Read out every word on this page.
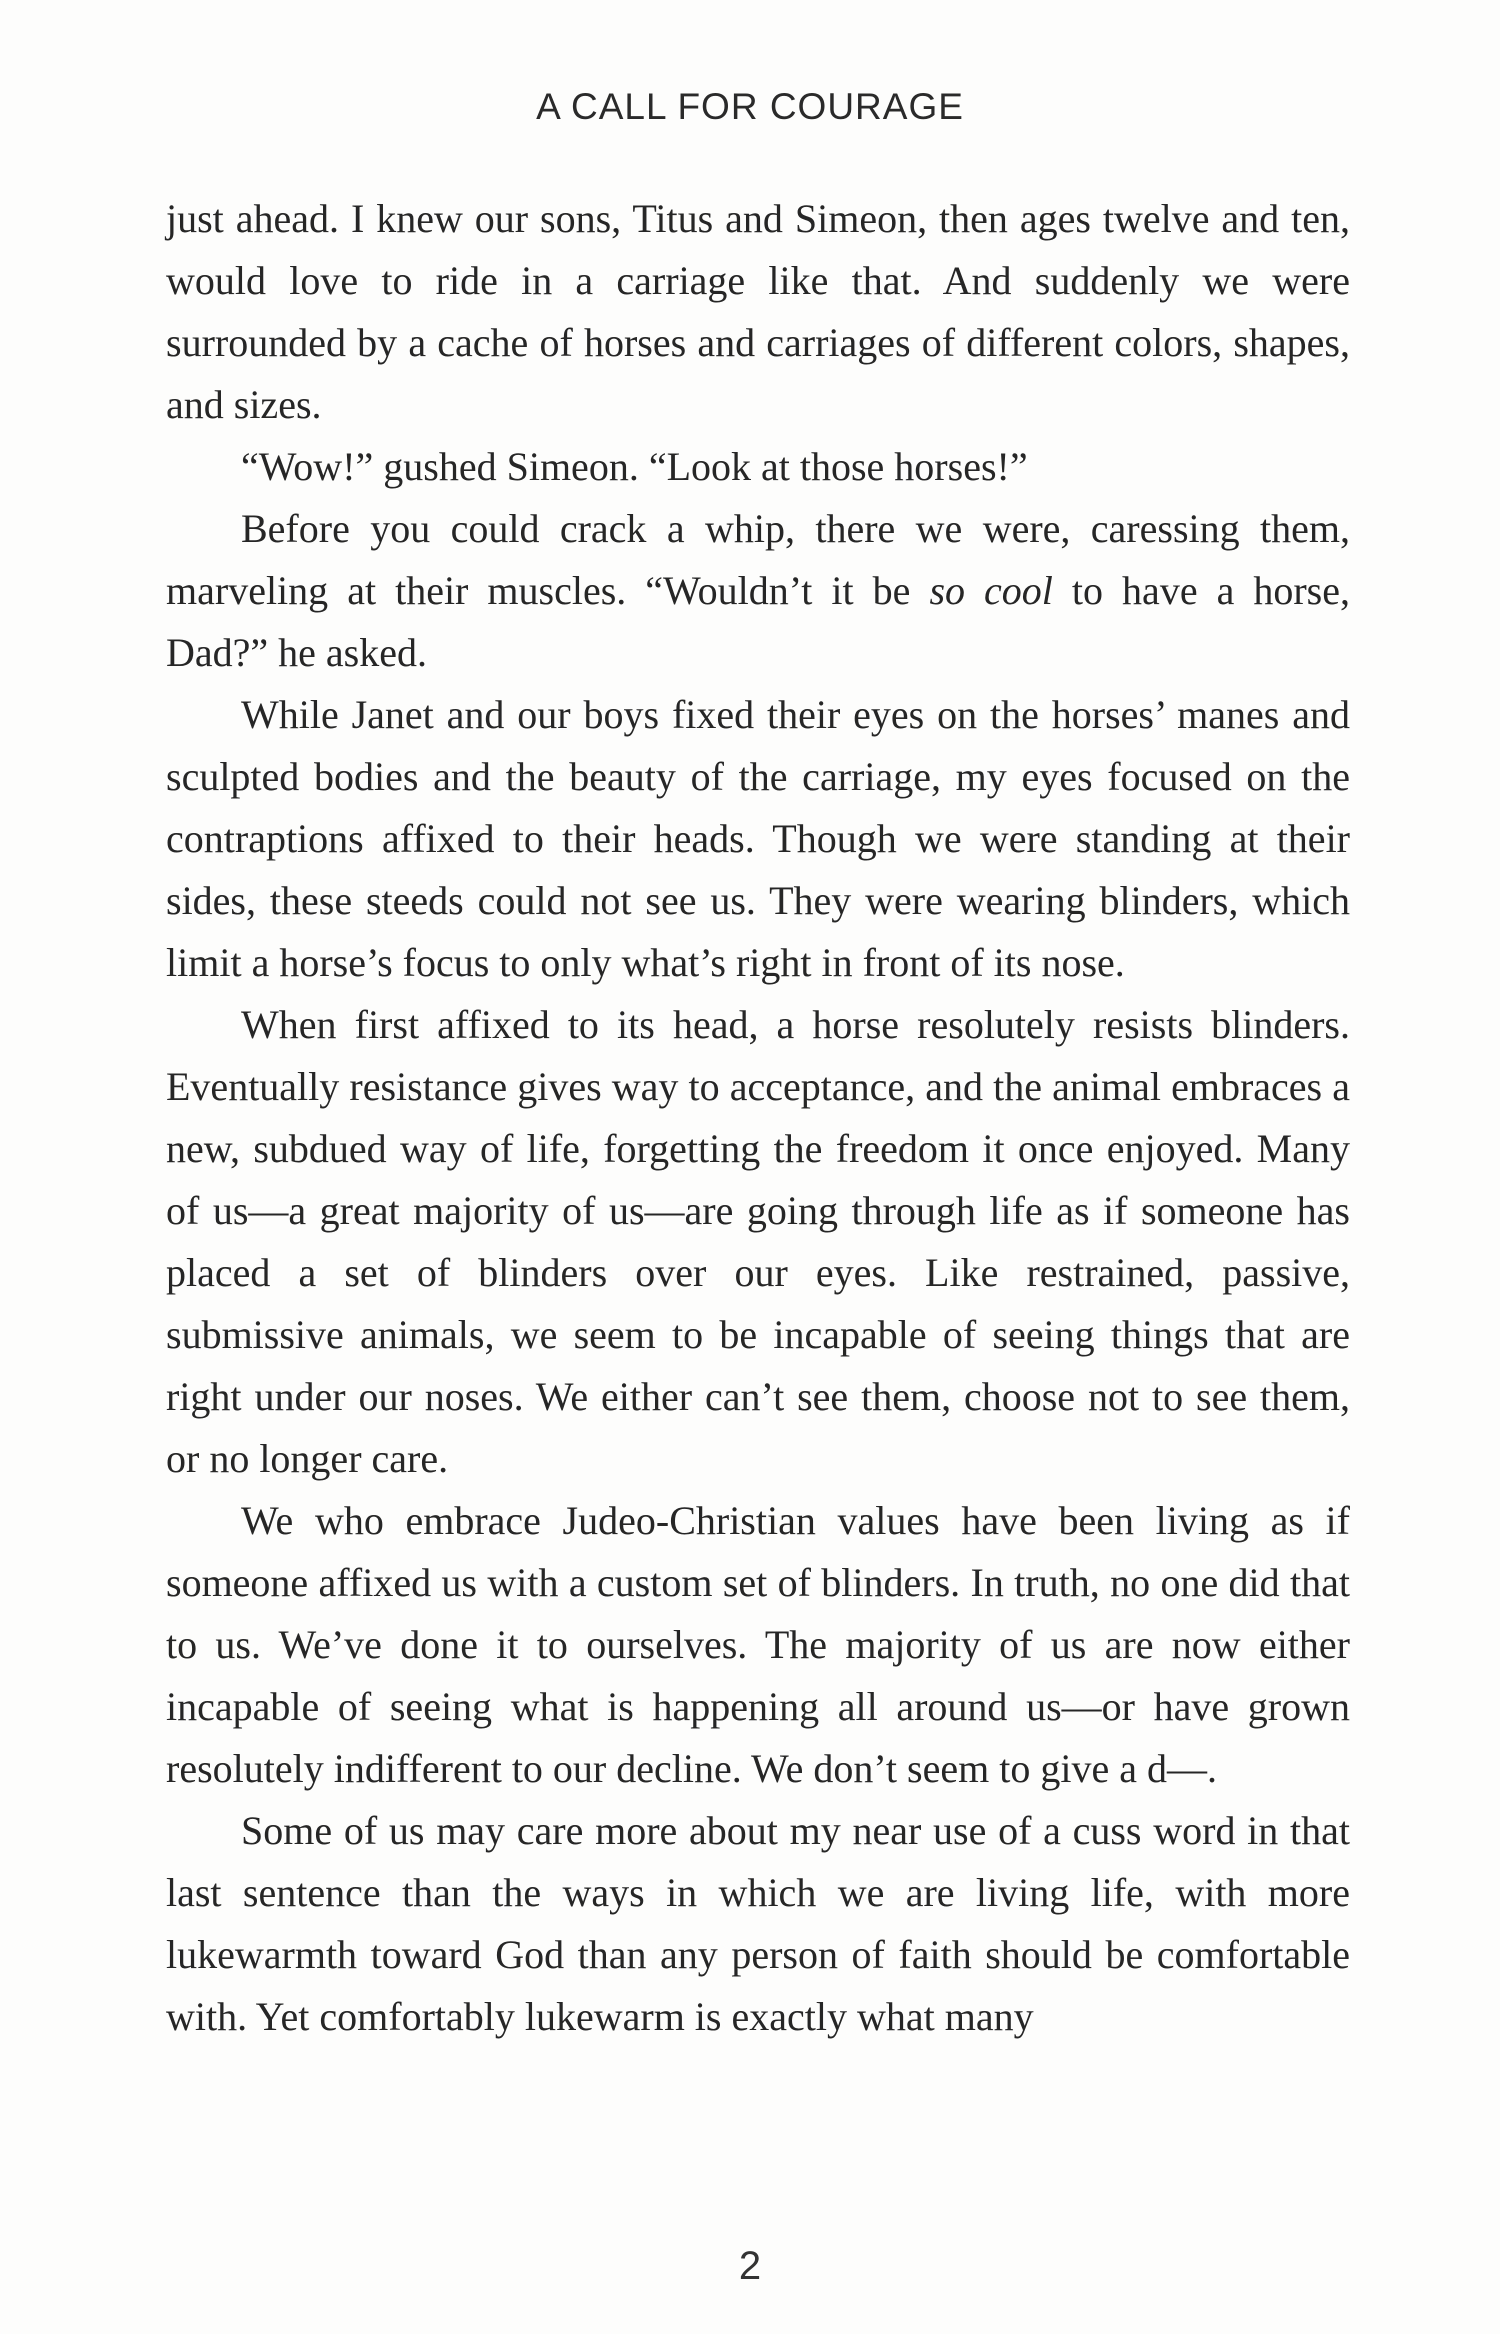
A CALL FOR COURAGE

just ahead. I knew our sons, Titus and Simeon, then ages twelve and ten, would love to ride in a carriage like that. And suddenly we were surrounded by a cache of horses and carriages of different colors, shapes, and sizes.

“Wow!” gushed Simeon. “Look at those horses!”

Before you could crack a whip, there we were, caressing them, marveling at their muscles. “Wouldn’t it be so cool to have a horse, Dad?” he asked.

While Janet and our boys fixed their eyes on the horses’ manes and sculpted bodies and the beauty of the carriage, my eyes focused on the contraptions affixed to their heads. Though we were standing at their sides, these steeds could not see us. They were wearing blinders, which limit a horse’s focus to only what’s right in front of its nose.

When first affixed to its head, a horse resolutely resists blinders. Eventually resistance gives way to acceptance, and the animal embraces a new, subdued way of life, forgetting the freedom it once enjoyed. Many of us—a great majority of us—are going through life as if someone has placed a set of blinders over our eyes. Like restrained, passive, submissive animals, we seem to be incapable of seeing things that are right under our noses. We either can’t see them, choose not to see them, or no longer care.

We who embrace Judeo-Christian values have been living as if someone affixed us with a custom set of blinders. In truth, no one did that to us. We’ve done it to ourselves. The majority of us are now either incapable of seeing what is happening all around us—or have grown resolutely indifferent to our decline. We don’t seem to give a d—.

Some of us may care more about my near use of a cuss word in that last sentence than the ways in which we are living life, with more lukewarmth toward God than any person of faith should be comfortable with. Yet comfortably lukewarm is exactly what many

2
